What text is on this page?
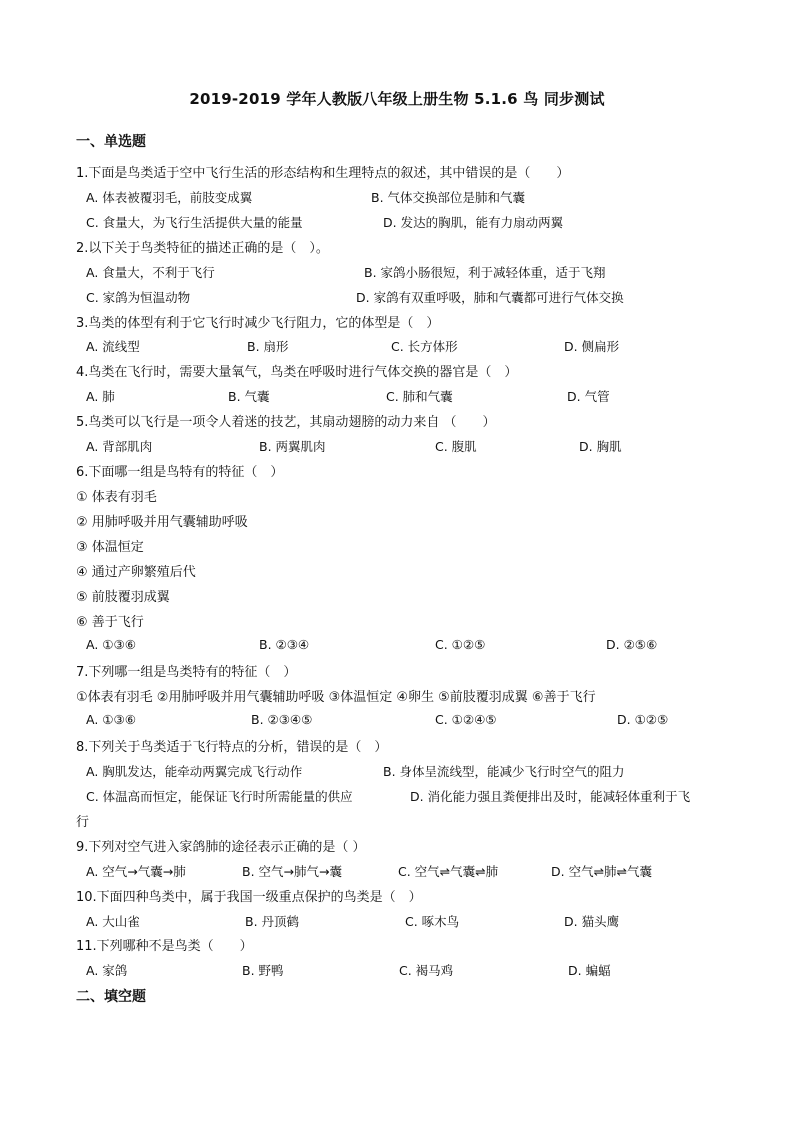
2019-2019 学年人教版八年级上册生物 5.1.6 鸟 同步测试
一、单选题
1.下面是鸟类适于空中飞行生活的形态结构和生理特点的叙述，其中错误的是（　　）
A. 体表被覆羽毛，前肢变成翼	B. 气体交换部位是肺和气囊
C. 食量大，为飞行生活提供大量的能量	D. 发达的胸肌，能有力扇动两翼
2.以下关于鸟类特征的描述正确的是（　）。
A. 食量大，不利于飞行	B. 家鸽小肠很短，利于减轻体重，适于飞翔
C. 家鸽为恒温动物	D. 家鸽有双重呼吸，肺和气囊都可进行气体交换
3.鸟类的体型有利于它飞行时减少飞行阻力，它的体型是（　）
A. 流线型	B. 扇形	C. 长方体形	D. 侧扁形
4.鸟类在飞行时，需要大量氧气，鸟类在呼吸时进行气体交换的器官是（　）
A. 肺	B. 气囊	C. 肺和气囊	D. 气管
5.鸟类可以飞行是一项令人着迷的技艺，其扇动翅膀的动力来自 （　　）
A. 背部肌肉	B. 两翼肌肉	C. 腹肌	D. 胸肌
6.下面哪一组是鸟特有的特征（　）
① 体表有羽毛
② 用肺呼吸并用气囊辅助呼吸
③ 体温恒定
④ 通过产卵繁殖后代
⑤ 前肢覆羽成翼
⑥ 善于飞行
A. ①③⑥	B. ②③④	C. ①②⑤	D. ②⑤⑥
7.下列哪一组是鸟类特有的特征（　）
①体表有羽毛 ②用肺呼吸并用气囊辅助呼吸 ③体温恒定 ④卵生 ⑤前肢覆羽成翼 ⑥善于飞行
A. ①③⑥	B. ②③④⑤	C. ①②④⑤	D. ①②⑤
8.下列关于鸟类适于飞行特点的分析，错误的是（　）
A. 胸肌发达，能牵动两翼完成飞行动作	B. 身体呈流线型，能减少飞行时空气的阻力
C. 体温高而恒定，能保证飞行时所需能量的供应	D. 消化能力强且粪便排出及时，能减轻体重利于飞
行
9.下列对空气进入家鸽肺的途径表示正确的是（ ）
A. 空气→气囊→肺	B. 空气→肺气→囊	C. 空气⇌气囊⇌肺	D. 空气⇌肺⇌气囊
10.下面四种鸟类中，属于我国一级重点保护的鸟类是（　）
A. 大山雀	B. 丹顶鹤	C. 啄木鸟	D. 猫头鹰
11.下列哪种不是鸟类（　　）
A. 家鸽	B. 野鸭	C. 褐马鸡	D. 蝙蝠
二、填空题
